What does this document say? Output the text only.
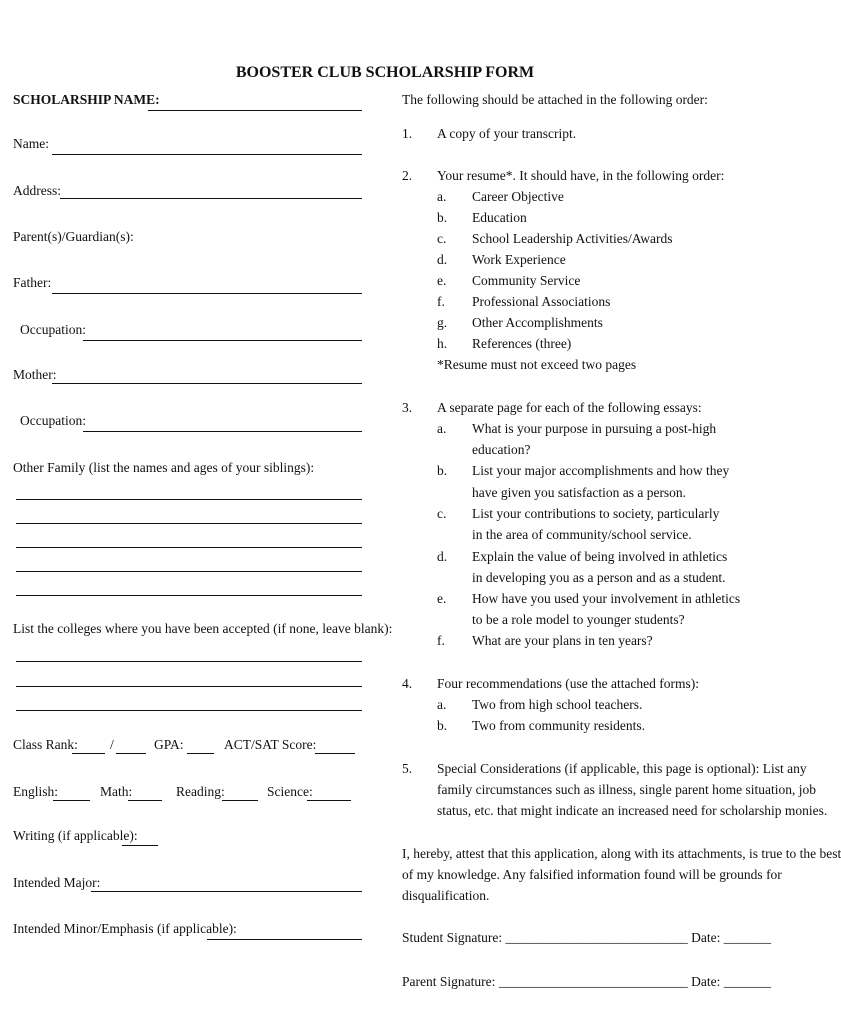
BOOSTER CLUB SCHOLARSHIP FORM
SCHOLARSHIP NAME:
Name:
Address:
Parent(s)/Guardian(s):
Father:
Occupation:
Mother:
Occupation:
Other Family (list the names and ages of your siblings):
List the colleges where you have been accepted (if none, leave blank):
Class Rank: /	GPA:	ACT/SAT Score:
English:	Math:	Reading:	Science:
Writing (if applicable):
Intended Major:
Intended Minor/Emphasis (if applicable):
The following should be attached in the following order:
1. A copy of your transcript.
2. Your resume*. It should have, in the following order:
a. Career Objective
b. Education
c. School Leadership Activities/Awards
d. Work Experience
e. Community Service
f. Professional Associations
g. Other Accomplishments
h. References (three)
*Resume must not exceed two pages
3. A separate page for each of the following essays:
a. What is your purpose in pursuing a post-high
education?
b. List your major accomplishments and how they
have given you satisfaction as a person.
c. List your contributions to society, particularly
in the area of community/school service.
d. Explain the value of being involved in athletics
in developing you as a person and as a student.
e. How have you used your involvement in athletics
to be a role model to younger students?
f. What are your plans in ten years?
4. Four recommendations (use the attached forms):
a. Two from high school teachers.
b. Two from community residents.
5. Special Considerations (if applicable, this page is optional): List any
family circumstances such as illness, single parent home situation, job
status, etc. that might indicate an increased need for scholarship monies.
I, hereby, attest that this application, along with its attachments, is true to the best
of my knowledge. Any falsified information found will be grounds for
disqualification.
Student Signature: ___________________________ Date: _______
Parent Signature: ____________________________ Date: _______
